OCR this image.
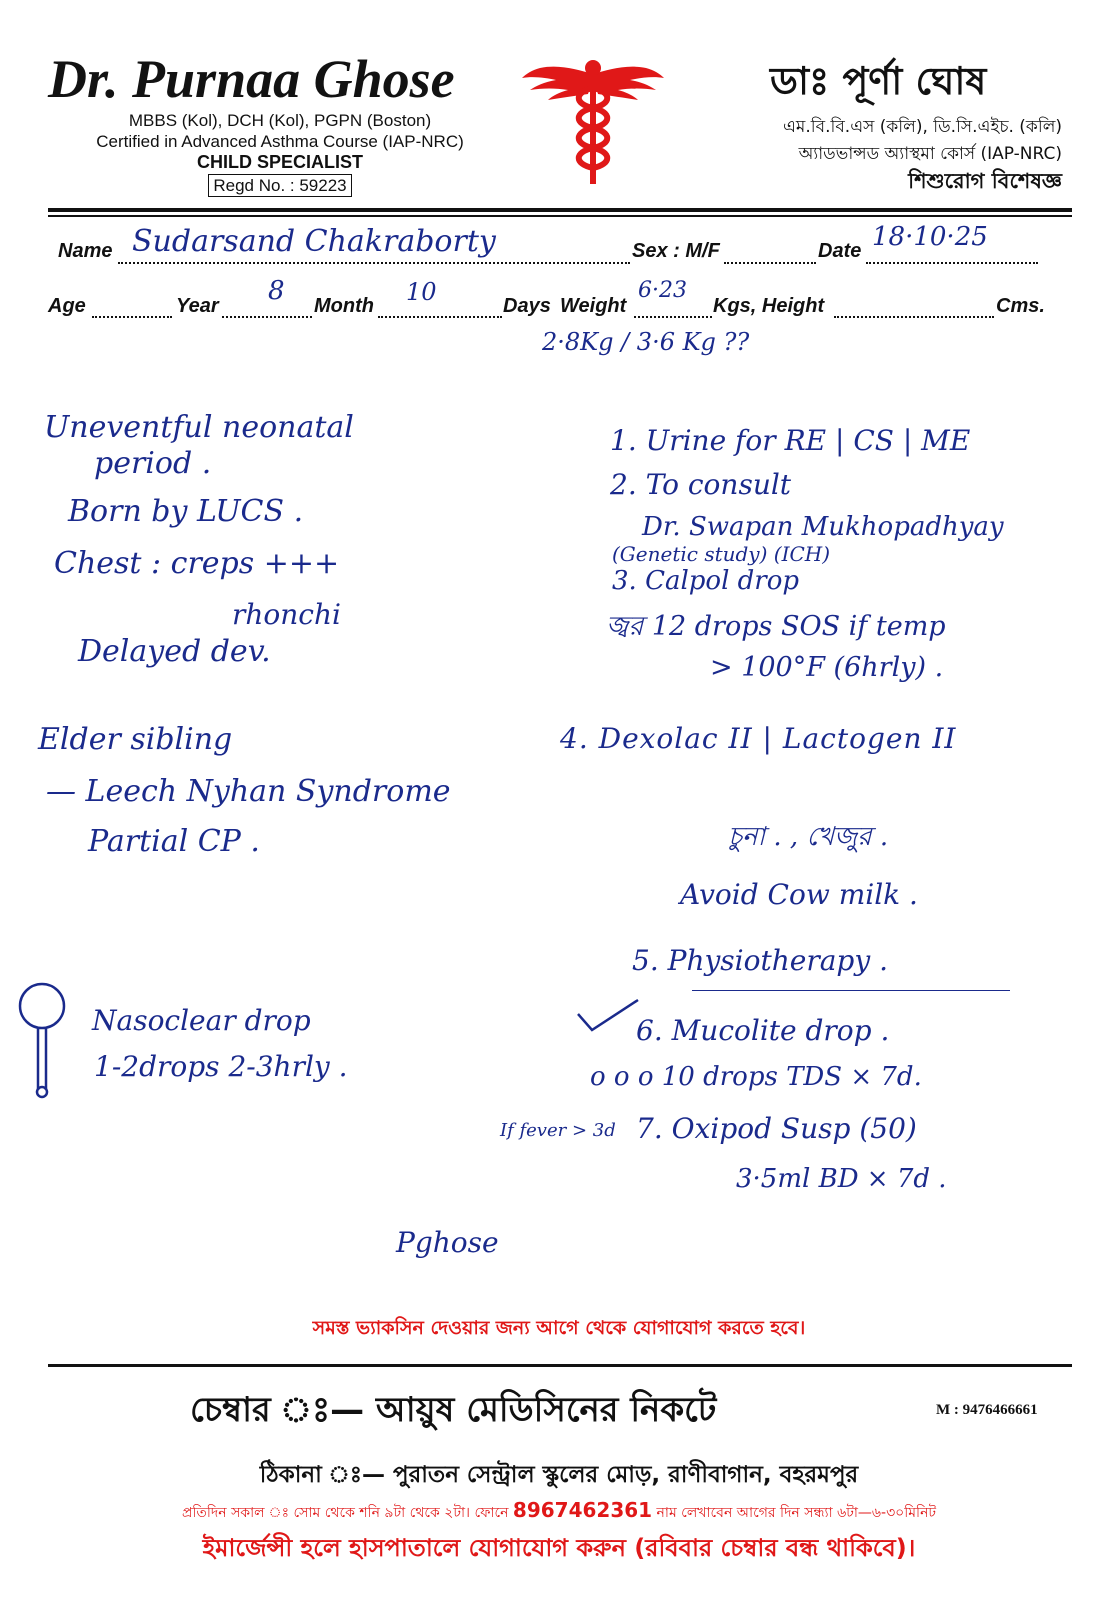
Dr. Purnaa Ghose
MBBS (Kol), DCH (Kol), PGPN (Boston)
Certified in Advanced Asthma Course (IAP-NRC)
CHILD SPECIALIST
Regd No. : 59223
ডাঃ পূর্ণা ঘোষ
এম.বি.বি.এস (কলি), ডি.সি.এইচ. (কলি)
অ্যাডভান্সড অ্যাস্থমা কোর্স (IAP-NRC)
শিশুরোগ বিশেষজ্ঞ
Name Sudarsand Chakraborty	Sex : M/F	Date 18·10·25
Age	Year 8 Month 10	Days Weight
6·23
Kgs, Height	Cms.
2·8Kg / 3·6 Kg ??
Uneventful neonatal
period .
Born by LUCS .
Chest : creps +++
rhonchi
Delayed dev.
Elder sibling
— Leech Nyhan Syndrome
Partial CP .
Nasoclear drop
1-2drops 2-3hrly .
1. Urine for RE | CS | ME
2. To consult
Dr. Swapan Mukhopadhyay
(Genetic study) (ICH)
3. Calpol drop
জ্বর 12 drops SOS if temp
> 100°F (6hrly) .
4. Dexolac II | Lactogen II
চুনা . , খেজুর .
Avoid Cow milk .
5. Physiotherapy .
6. Mucolite drop .
o o o 10 drops TDS × 7d.
7. Oxipod Susp (50)
If fever > 3d
3·5ml BD × 7d .
Pghose
সমস্ত ভ্যাকসিন দেওয়ার জন্য আগে থেকে যোগাযোগ করতে হবে।
চেম্বার ঃ— আয়ুষ মেডিসিনের নিকটে	M : 9476466661
ঠিকানা ঃ— পুরাতন সেন্ট্রাল স্কুলের মোড়, রাণীবাগান, বহরমপুর
প্রতিদিন সকাল ঃ সোম থেকে শনি ৯টা থেকে ২টা। ফোনে 8967462361 নাম লেখাবেন আগের দিন সন্ধ্যা ৬টা—৬-৩০মিনিট
ইমার্জেন্সী হলে হাসপাতালে যোগাযোগ করুন (রবিবার চেম্বার বন্ধ থাকিবে)।
